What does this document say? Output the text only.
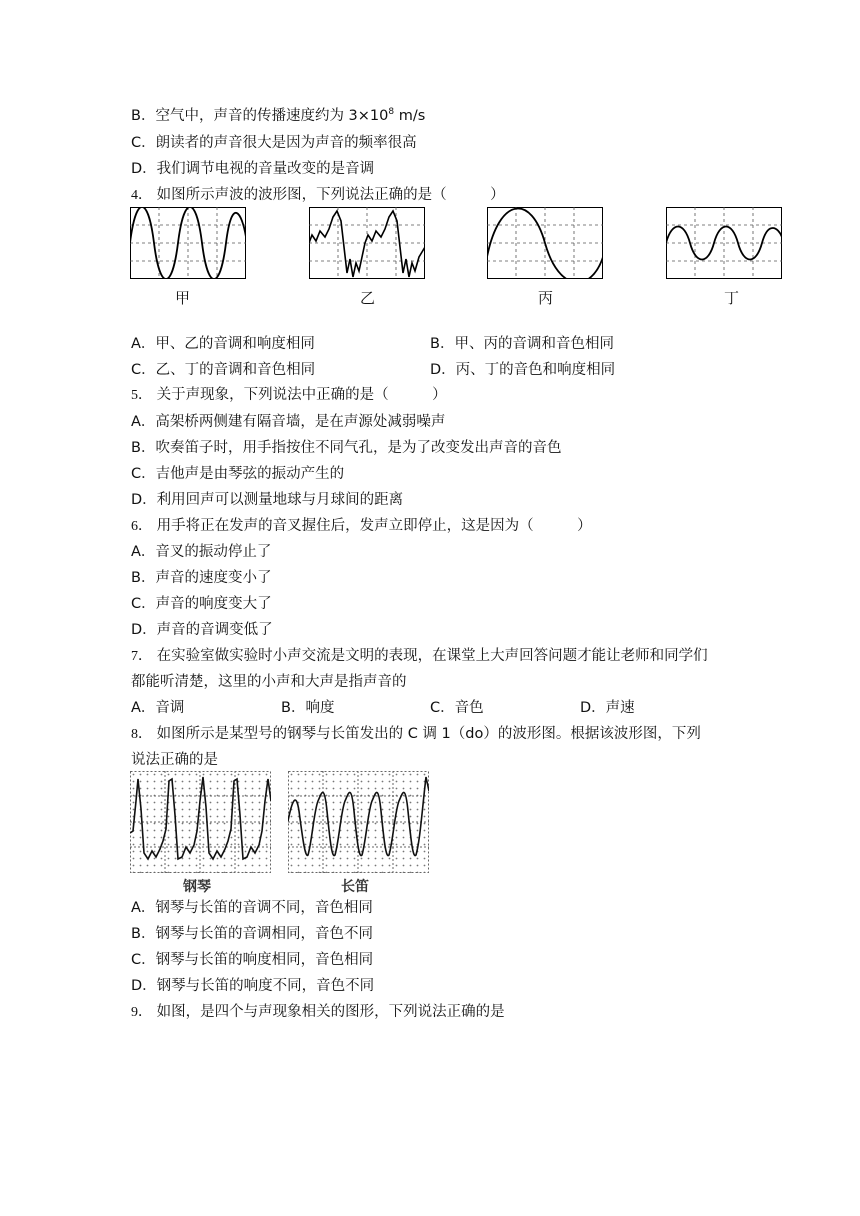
B．空气中，声音的传播速度约为 $3\times 10^8$ m/s
C．朗读者的声音很大是因为声音的频率很高
D．我们调节电视的音量改变的是音调
4． 如图所示声波的波形图，下列说法正确的是（　　　）
甲	乙	丙	丁
A．甲、乙的音调和响度相同	B．甲、丙的音调和音色相同
C．乙、丁的音调和音色相同	D．丙、丁的音色和响度相同
5． 关于声现象，下列说法中正确的是（　　　）
A．高架桥两侧建有隔音墙，是在声源处减弱噪声
B．吹奏笛子时，用手指按住不同气孔，是为了改变发出声音的音色
C．吉他声是由琴弦的振动产生的
D．利用回声可以测量地球与月球间的距离
6． 用手将正在发声的音叉握住后，发声立即停止，这是因为（　　　）
A．音叉的振动停止了
B．声音的速度变小了
C．声音的响度变大了
D．声音的音调变低了
7． 在实验室做实验时小声交流是文明的表现，在课堂上大声回答问题才能让老师和同学们
都能听清楚，这里的小声和大声是指声音的
A．音调	B．响度	C．音色	D．声速
8． 如图所示是某型号的钢琴与长笛发出的 C 调 1（do）的波形图。根据该波形图，下列
说法正确的是
钢琴	长笛
A．钢琴与长笛的音调不同，音色相同
B．钢琴与长笛的音调相同，音色不同
C．钢琴与长笛的响度相同，音色相同
D．钢琴与长笛的响度不同，音色不同
9． 如图，是四个与声现象相关的图形，下列说法正确的是
